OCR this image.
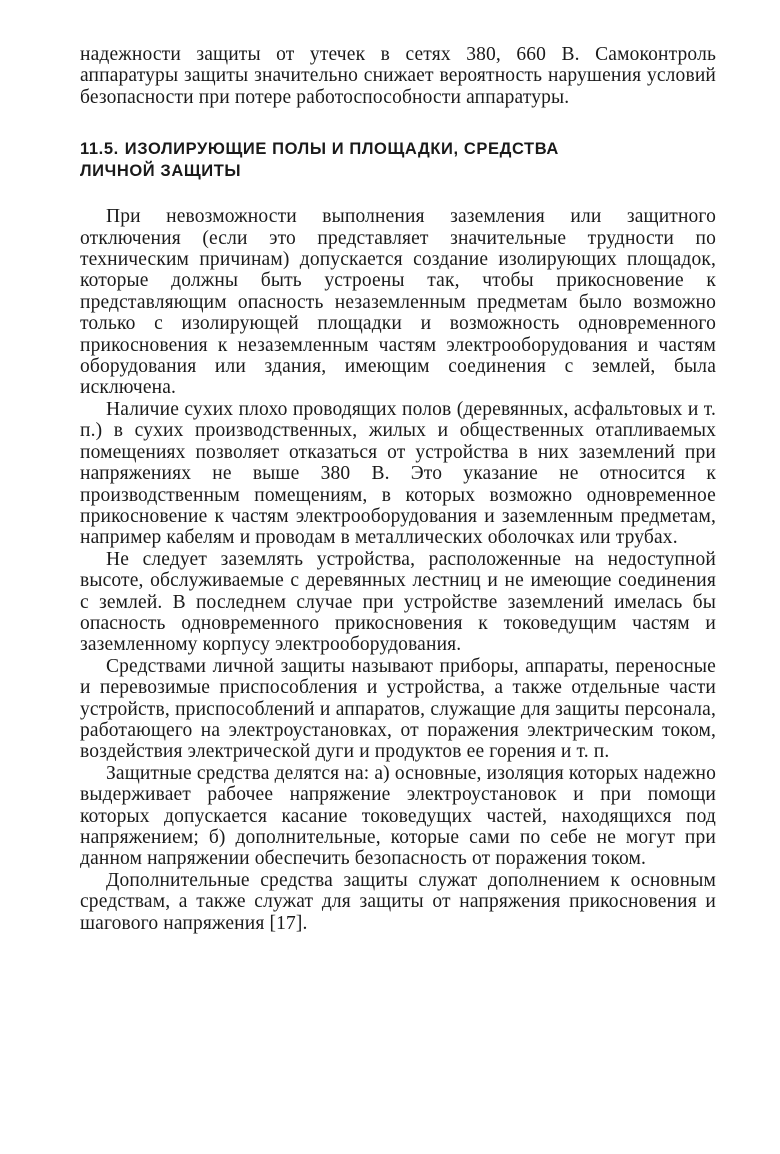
надежности защиты от утечек в сетях 380, 660 В. Самоконтроль аппаратуры защиты значительно снижает вероятность нарушения условий безопасности при потере работоспособности аппаратуры.

11.5. ИЗОЛИРУЮЩИЕ ПОЛЫ И ПЛОЩАДКИ, СРЕДСТВА ЛИЧНОЙ ЗАЩИТЫ

При невозможности выполнения заземления или защитного отключения (если это представляет значительные трудности по техническим причинам) допускается создание изолирующих площадок, которые должны быть устроены так, чтобы прикосновение к представляющим опасность незаземленным предметам было возможно только с изолирующей площадки и возможность одновременного прикосновения к незаземленным частям электрооборудования и частям оборудования или здания, имеющим соединения с землей, была исключена.

Наличие сухих плохо проводящих полов (деревянных, асфальтовых и т. п.) в сухих производственных, жилых и общественных отапливаемых помещениях позволяет отказаться от устройства в них заземлений при напряжениях не выше 380 В. Это указание не относится к производственным помещениям, в которых возможно одновременное прикосновение к частям электрооборудования и заземленным предметам, например кабелям и проводам в металлических оболочках или трубах.

Не следует заземлять устройства, расположенные на недоступной высоте, обслуживаемые с деревянных лестниц и не имеющие соединения с землей. В последнем случае при устройстве заземлений имелась бы опасность одновременного прикосновения к токоведущим частям и заземленному корпусу электрооборудования.

Средствами личной защиты называют приборы, аппараты, переносные и перевозимые приспособления и устройства, а также отдельные части устройств, приспособлений и аппаратов, служащие для защиты персонала, работающего на электроустановках, от поражения электрическим током, воздействия электрической дуги и продуктов ее горения и т. п.

Защитные средства делятся на: а) основные, изоляция которых надежно выдерживает рабочее напряжение электроустановок и при помощи которых допускается касание токоведущих частей, находящихся под напряжением; б) дополнительные, которые сами по себе не могут при данном напряжении обеспечить безопасность от поражения током.

Дополнительные средства защиты служат дополнением к основным средствам, а также служат для защиты от напряжения прикосновения и шагового напряжения [17].
